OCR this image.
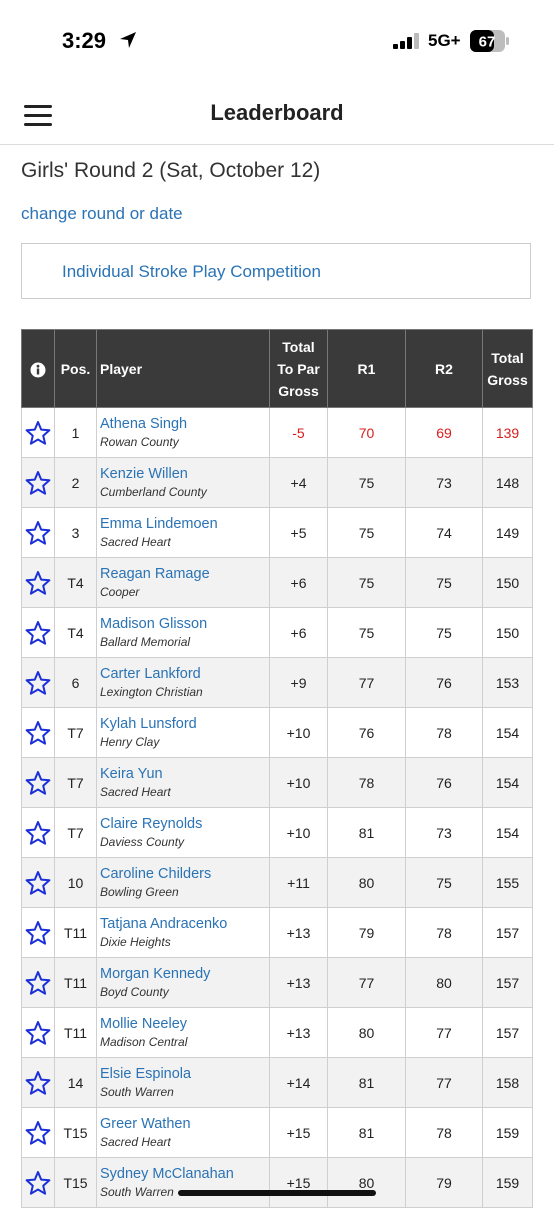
3:29	5G+ 67
Leaderboard
Girls' Round 2 (Sat, October 12)
change round or date
Individual Stroke Play Competition
	Pos.	Player	Total
To Par
Gross	R1	R2	Total
Gross

	1	Athena Singh
Rowan County	-5	70	69	139

	2	Kenzie Willen
Cumberland County	+4	75	73	148

	3	Emma Lindemoen
Sacred Heart	+5	75	74	149

	T4	Reagan Ramage
Cooper	+6	75	75	150

	T4	Madison Glisson
Ballard Memorial	+6	75	75	150

	6	Carter Lankford
Lexington Christian	+9	77	76	153

	T7	Kylah Lunsford
Henry Clay	+10	76	78	154

	T7	Keira Yun
Sacred Heart	+10	78	76	154

	T7	Claire Reynolds
Daviess County	+10	81	73	154

	10	Caroline Childers
Bowling Green	+11	80	75	155

	T11	Tatjana Andracenko
Dixie Heights	+13	79	78	157

	T11	Morgan Kennedy
Boyd County	+13	77	80	157

	T11	Mollie Neeley
Madison Central	+13	80	77	157

	14	Elsie Espinola
South Warren	+14	81	77	158

	T15	Greer Wathen
Sacred Heart	+15	81	78	159

	T15	Sydney McClanahan
South Warren	+15	80	79	159
